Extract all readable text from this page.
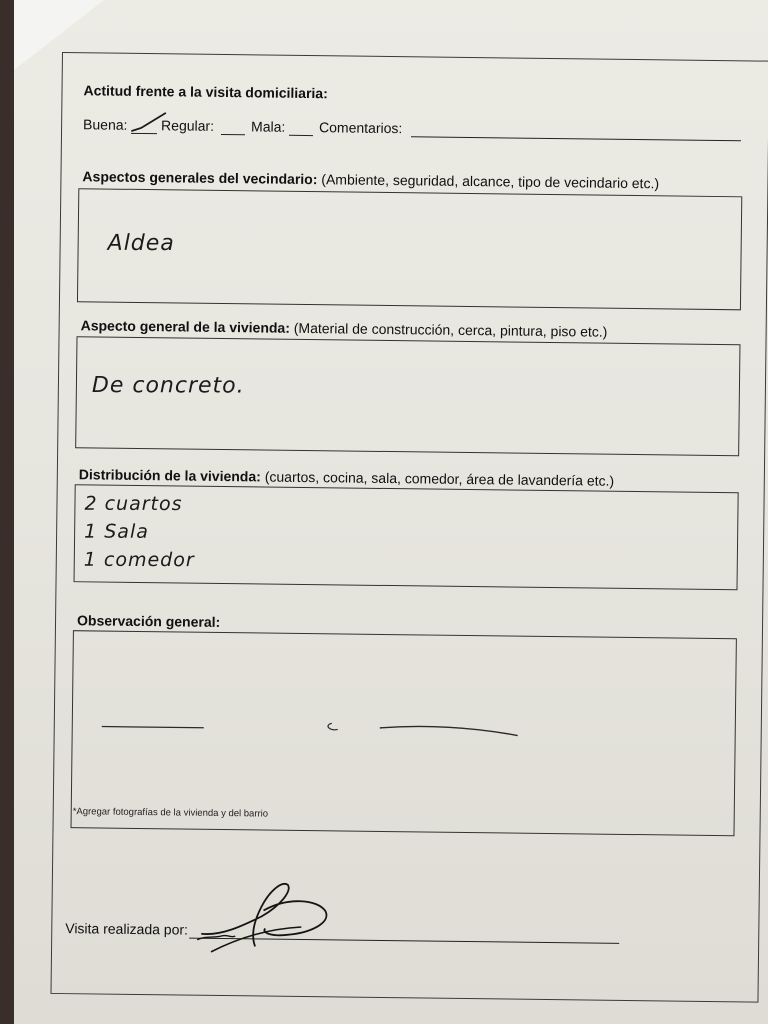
Actitud frente a la visita domiciliaria:
Buena: Regular:	Mala: Comentarios:
Aspectos generales del vecindario: (Ambiente, seguridad, alcance, tipo de vecindario etc.)
Aldea
Aspecto general de la vivienda: (Material de construcción, cerca, pintura, piso etc.)
De concreto.
Distribución de la vivienda: (cuartos, cocina, sala, comedor, área de lavandería etc.)
2 cuartos
1 Sala
1 comedor
Observación general:
*Agregar fotografías de la vivienda y del barrio
Visita realizada por:
